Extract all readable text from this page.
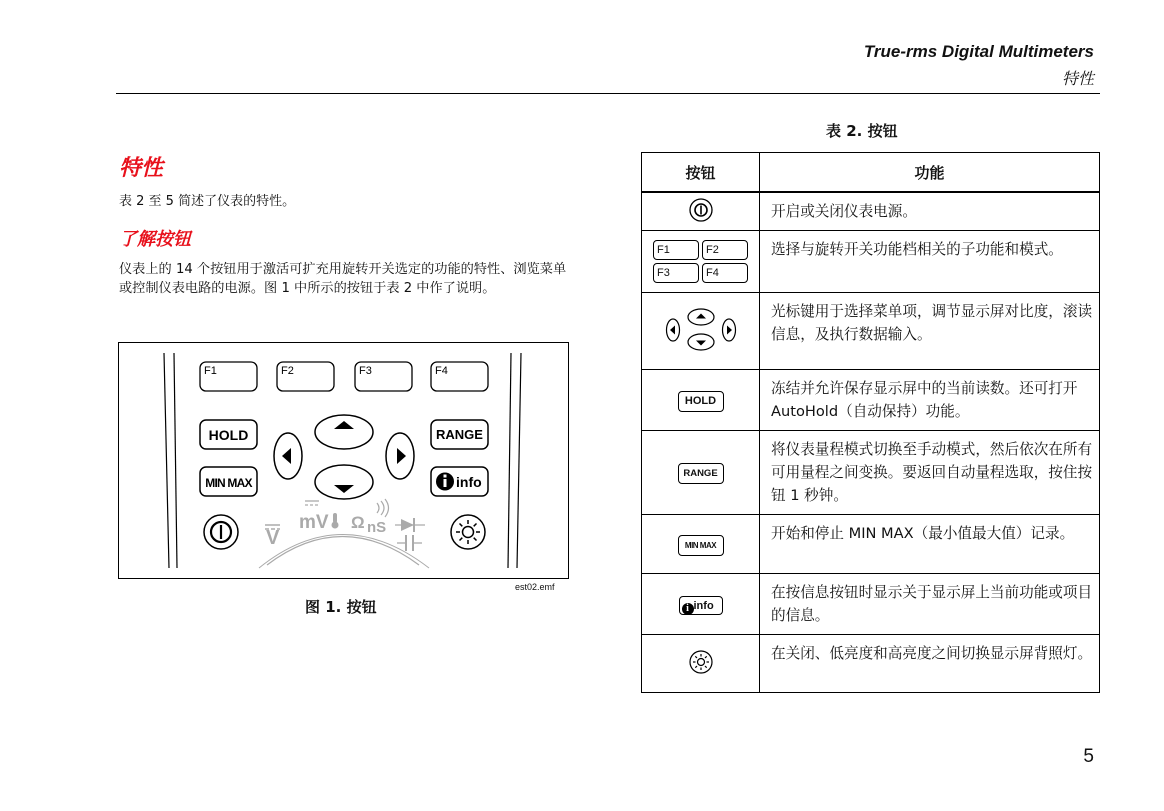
True-rms Digital Multimeters
特性
特性
表 2 至 5 简述了仪表的特性。
了解按钮
仪表上的 14 个按钮用于激活可扩充用旋转开关选定的功能的特性、浏览菜单或控制仪表电路的电源。图 1 中所示的按钮于表 2 中作了说明。
F1	F2	F3	F4
HOLD
MIN MAX
RANGE
info
V
mV Ω nS
est02.emf
图 1. 按钮
表 2. 按钮
按钮	功能
	开启或关闭仪表电源。

F1 F2
F3 F4	选择与旋转开关功能档相关的子功能和模式。
	光标键用于选择菜单项，调节显示屏对比度，滚读信息，及执行数据输入。
HOLD	冻结并允许保存显示屏中的当前读数。还可打开 AutoHold（自动保持）功能。
RANGE	将仪表量程模式切换至手动模式，然后依次在所有可用量程之间变换。要返回自动量程选取，按住按钮 1 秒钟。
MIN MAX	开始和停止 MIN MAX（最小值最大值）记录。
i info	在按信息按钮时显示关于显示屏上当前功能或项目的信息。
	在关闭、低亮度和高亮度之间切换显示屏背照灯。
5
